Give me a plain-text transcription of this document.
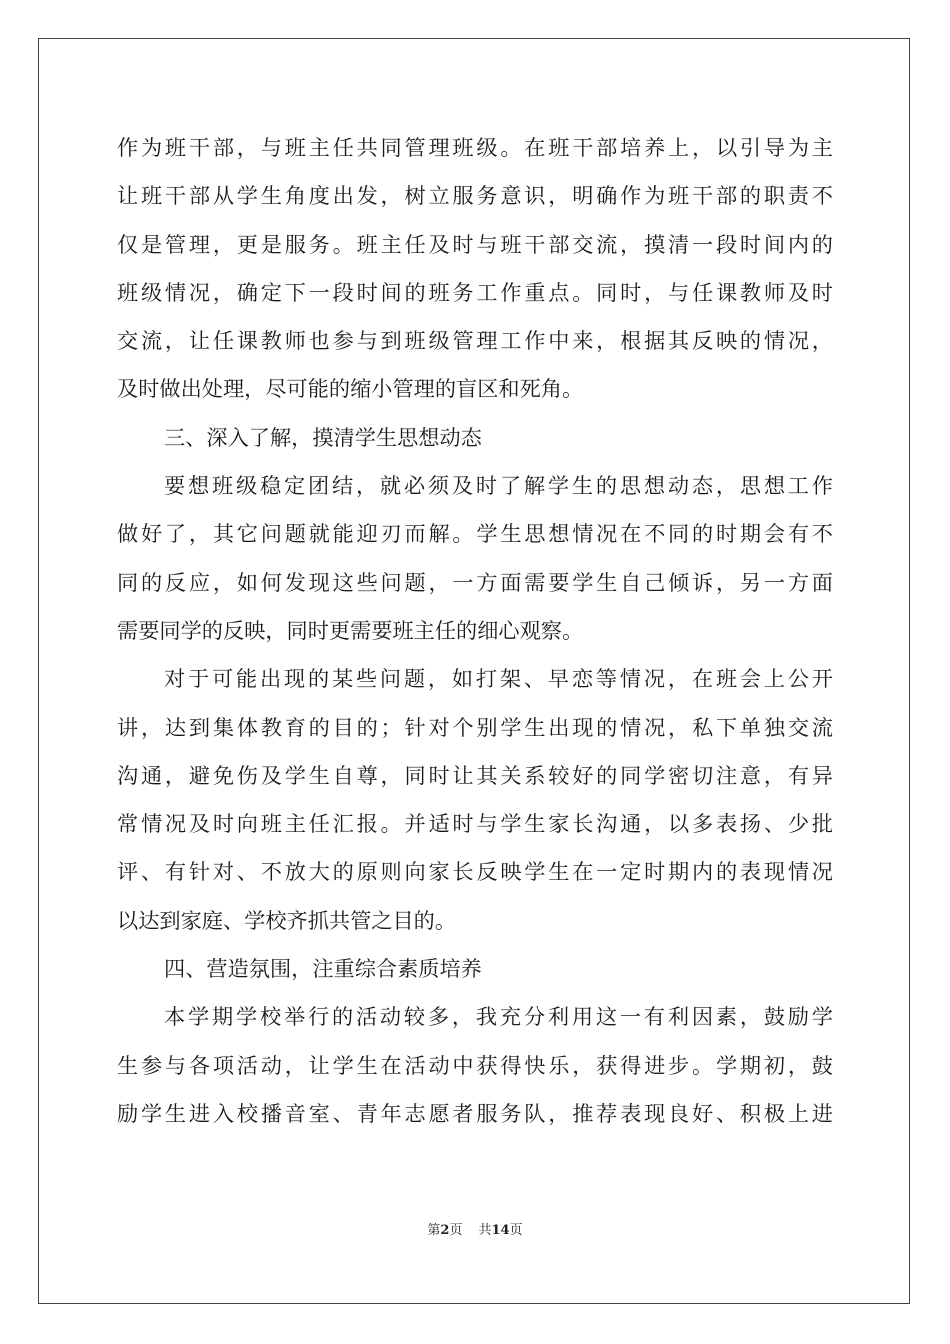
作为班干部，与班主任共同管理班级。在班干部培养上，以引导为主
让班干部从学生角度出发，树立服务意识，明确作为班干部的职责不
仅是管理，更是服务。班主任及时与班干部交流，摸清一段时间内的
班级情况，确定下一段时间的班务工作重点。同时，与任课教师及时
交流，让任课教师也参与到班级管理工作中来，根据其反映的情况，
及时做出处理，尽可能的缩小管理的盲区和死角。
三、深入了解，摸清学生思想动态
要想班级稳定团结，就必须及时了解学生的思想动态，思想工作
做好了，其它问题就能迎刃而解。学生思想情况在不同的时期会有不
同的反应，如何发现这些问题，一方面需要学生自己倾诉，另一方面
需要同学的反映，同时更需要班主任的细心观察。
对于可能出现的某些问题，如打架、早恋等情况，在班会上公开
讲，达到集体教育的目的；针对个别学生出现的情况，私下单独交流
沟通，避免伤及学生自尊，同时让其关系较好的同学密切注意，有异
常情况及时向班主任汇报。并适时与学生家长沟通，以多表扬、少批
评、有针对、不放大的原则向家长反映学生在一定时期内的表现情况
以达到家庭、学校齐抓共管之目的。
四、营造氛围，注重综合素质培养
本学期学校举行的活动较多，我充分利用这一有利因素，鼓励学
生参与各项活动，让学生在活动中获得快乐，获得进步。学期初，鼓
励学生进入校播音室、青年志愿者服务队，推荐表现良好、积极上进
第2页 共14页
